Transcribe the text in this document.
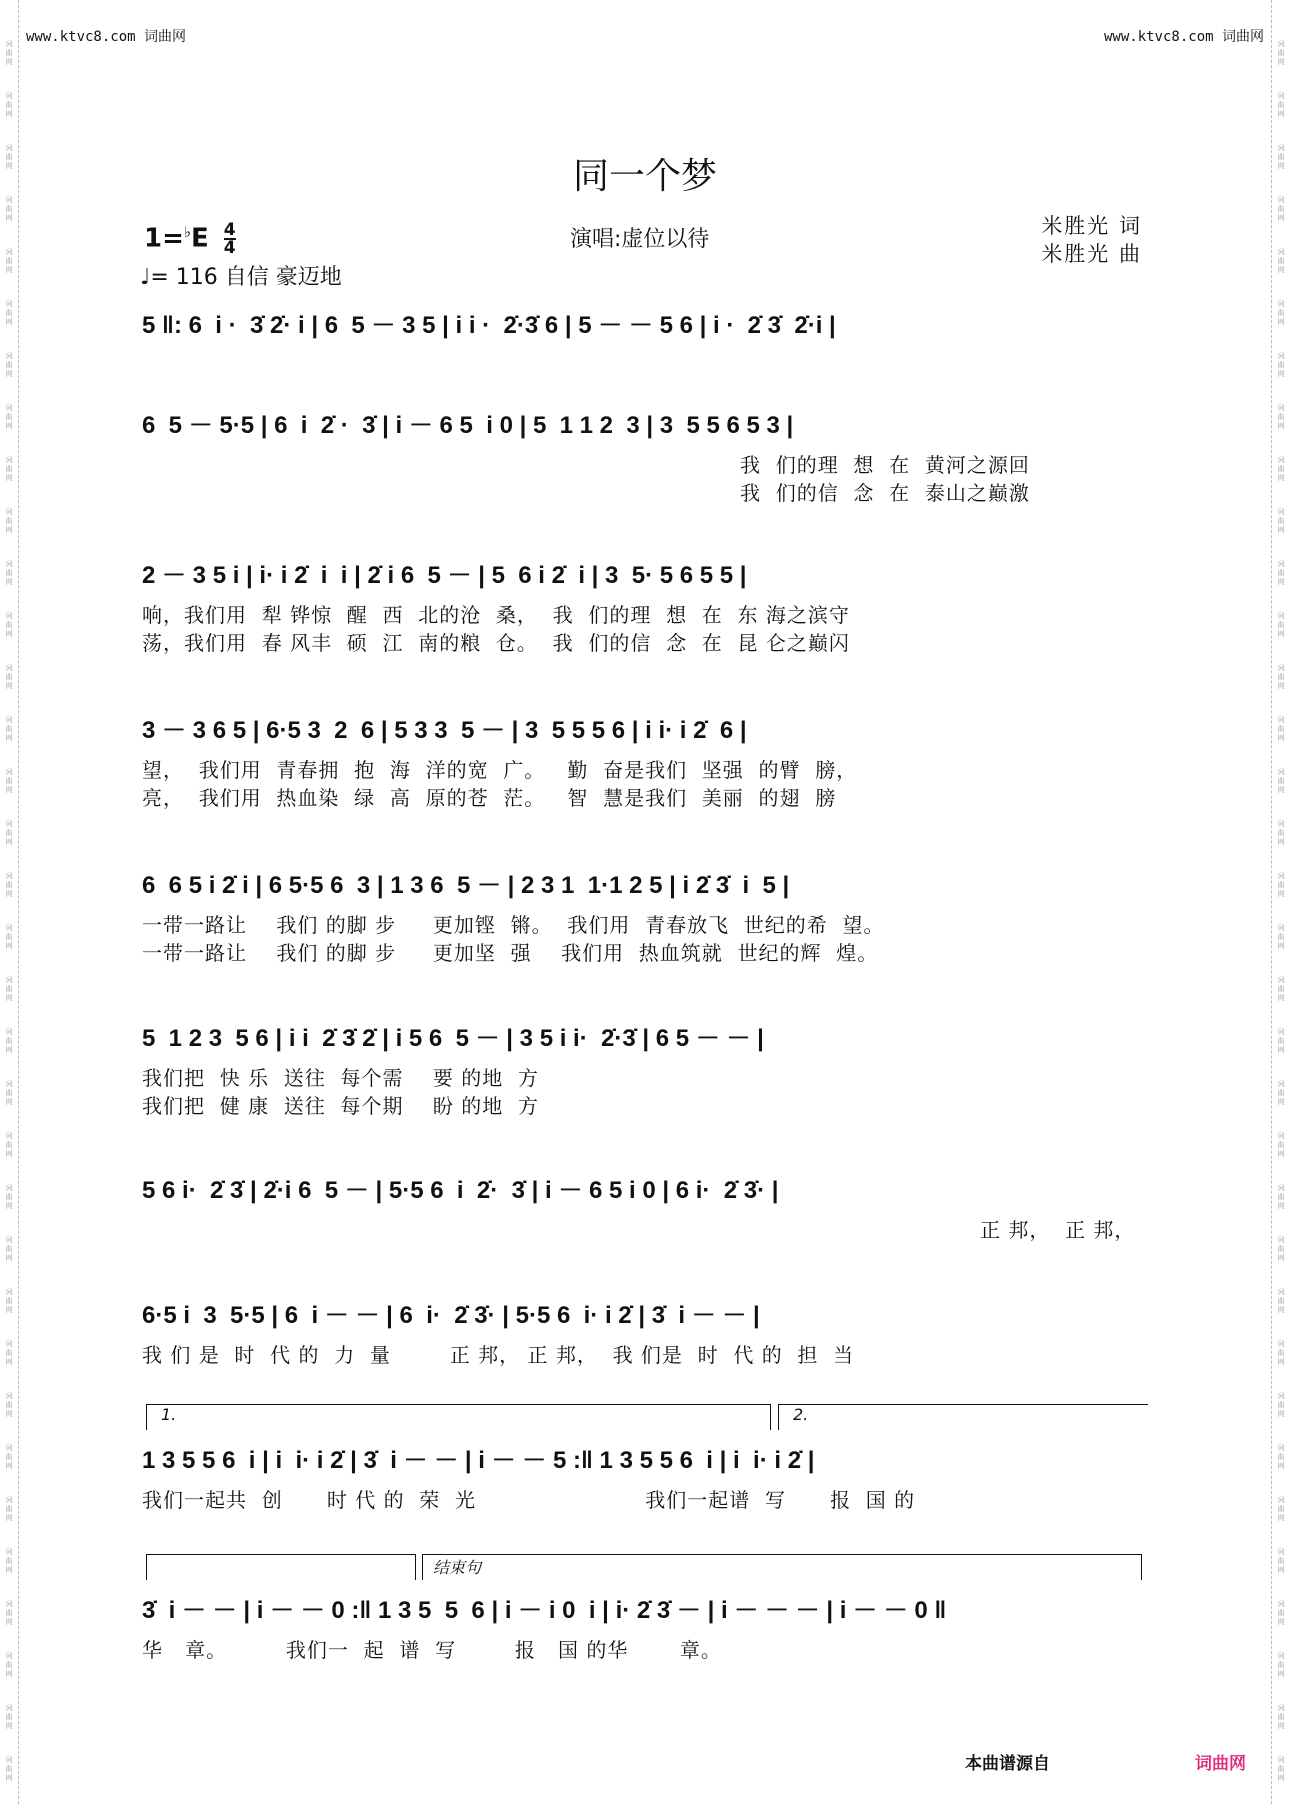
www.ktvc8.com 词曲网	www.ktvc8.com 词曲网
同一个梦
$1=^♭E \frac{4}{4}$
♩= 116 自信 豪迈地
演唱:虚位以待
米胜光 词
米胜光 曲
5 ‖: 6  i ·  3̇ 2̇· i | 6  5 － 3 5 | i i ·  2̇·3̇ 6 | 5 － － 5 6 | i ·  2̇ 3̇  2̇·i |
6  5 － 5·5 | 6  i  2̇ ·  3̇ | i － 6 5  i 0 | 5  1 1 2  3 | 3  5 5 6 5 3 |
我  们的理  想  在  黄河之源回
我  们的信  念  在  泰山之巅激
2 － 3 5 i | i· i 2̇  i  i | 2̇ i 6  5 － | 5  6 i 2̇  i | 3  5· 5 6 5 5 |
响，我们用  犁 铧惊  醒  西  北的沧  桑，  我  们的理  想  在  东 海之滨守
荡，我们用  春 风丰  硕  江  南的粮  仓。  我  们的信  念  在  昆 仑之巅闪
3 － 3 6 5 | 6·5 3  2  6 | 5 3 3  5 － | 3  5 5 5 6 | i i· i 2̇  6 |
望，  我们用  青春拥  抱  海  洋的宽  广。   勤  奋是我们  坚强  的臂  膀，
亮，  我们用  热血染  绿  高  原的苍  茫。   智  慧是我们  美丽  的翅  膀
6  6 5 i 2̇ i | 6 5·5 6  3 | 1 3 6  5 － | 2 3 1  1·1 2 5 | i 2̇ 3̇  i  5 |
一带一路让    我们 的脚 步     更加铿  锵。  我们用  青春放飞  世纪的希  望。
一带一路让    我们 的脚 步     更加坚  强    我们用  热血筑就  世纪的辉  煌。
5  1 2 3  5 6 | i i  2̇ 3̇ 2̇ | i 5 6  5 － | 3 5 i i·  2̇·3̇ | 6 5 － － |
我们把  快 乐  送往  每个需    要 的地  方
我们把  健 康  送往  每个期    盼 的地  方
5 6 i·  2̇ 3̇ | 2̇·i 6  5 － | 5·5 6  i  2̇·  3̇ | i － 6 5 i 0 | 6 i·  2̇ 3̇· |
正 邦，  正 邦，
6·5 i  3  5·5 | 6  i － － | 6  i·  2̇ 3̇· | 5·5 6  i· i 2̇ | 3̇  i － － |
我 们 是  时  代 的  力  量        正 邦， 正 邦，  我 们是  时  代 的  担  当
1 3 5 5 6  i | i  i· i 2̇ | 3̇  i － － | i － － 5 :‖ 1 3 5 5 6  i | i  i· i 2̇ |
我们一起共  创      时 代 的  荣  光                       我们一起谱  写      报  国 的
1.	2.
3̇  i － － | i － － 0 :‖ 1 3 5  5  6 | i － i 0  i | i· 2̇ 3̇ － | i － － － | i － － 0 ‖
华   章。        我们一  起  谱  写        报   国 的华       章。
结束句
本曲谱源自	词曲网
词
曲
网
词
曲
网
词
曲
网
词
曲
网
词
曲
网
词
曲
网
词
曲
网
词
曲
网
词
曲
网
词
曲
网
词
曲
网
词
曲
网
词
曲
网
词
曲
网
词
曲
网
词
曲
网
词
曲
网
词
曲
网
词
曲
网
词
曲
网
词
曲
网
词
曲
网
词
曲
网
词
曲
网
词
曲
网
词
曲
网
词
曲
网
词
曲
网
词
曲
网
词
曲
网
词
曲
网
词
曲
网
词
曲
网
词
曲
网
词
曲
网
词
曲
网
词
曲
网
词
曲
网
词
曲
网
词
曲
网
词
曲
网
词
曲
网
词
曲
网
词
曲
网
词
曲
网
词
曲
网
词
曲
网
词
曲
网
词
曲
网
词
曲
网
词
曲
网
词
曲
网
词
曲
网
词
曲
网
词
曲
网
词
曲
网
词
曲
网
词
曲
网
词
曲
网
词
曲
网
词
曲
网
词
曲
网
词
曲
网
词
曲
网
词
曲
网
词
曲
网
词
曲
网
词
曲
网
